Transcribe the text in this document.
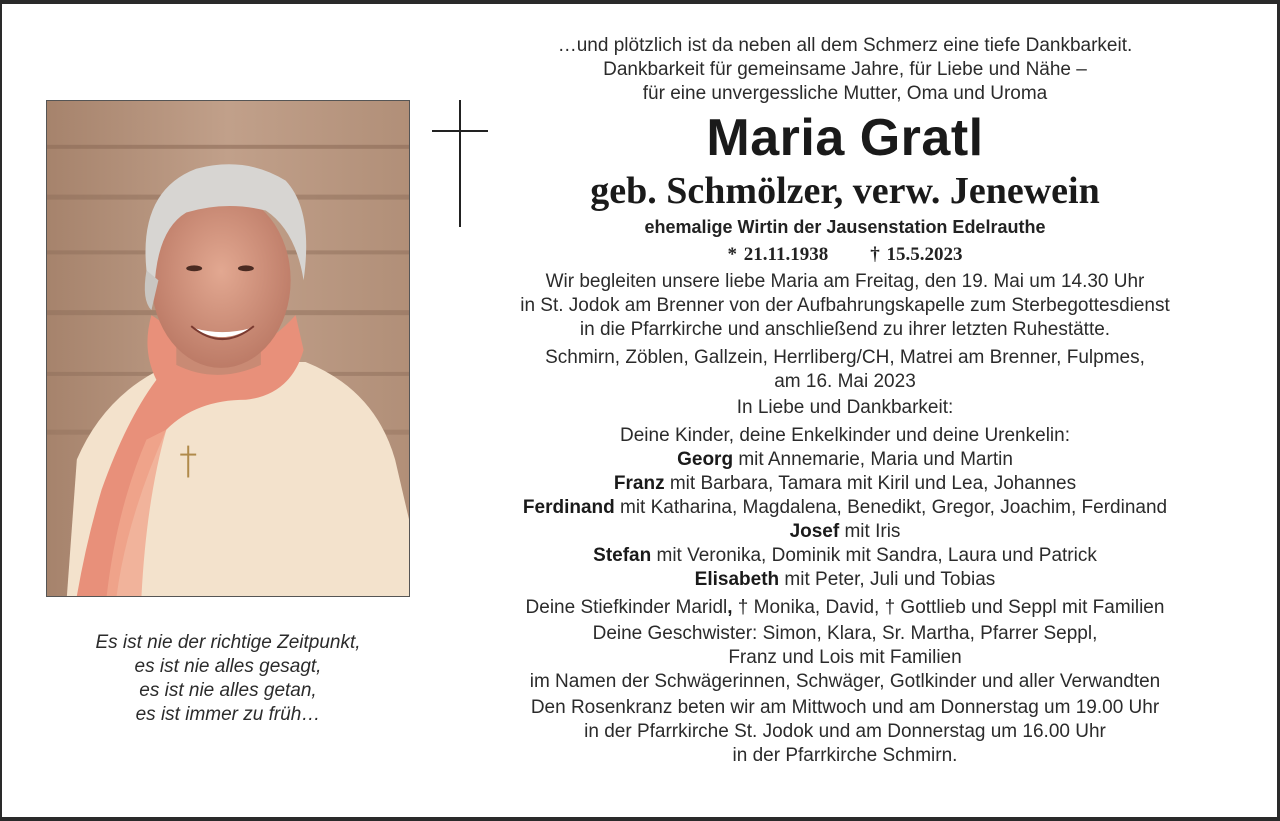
Es ist nie der richtige Zeitpunkt,
es ist nie alles gesagt,
es ist nie alles getan,
es ist immer zu früh…
…und plötzlich ist da neben all dem Schmerz eine tiefe Dankbarkeit.
Dankbarkeit für gemeinsame Jahre, für Liebe und Nähe –
für eine unvergessliche Mutter, Oma und Uroma
Maria Gratl
geb. Schmölzer, verw. Jenewein
ehemalige Wirtin der Jausenstation Edelrauthe
* 21.11.1938 † 15.5.2023
Wir begleiten unsere liebe Maria am Freitag, den 19. Mai um 14.30 Uhr
in St. Jodok am Brenner von der Aufbahrungskapelle zum Sterbegottesdienst
in die Pfarrkirche und anschließend zu ihrer letzten Ruhestätte.
Schmirn, Zöblen, Gallzein, Herrliberg/CH, Matrei am Brenner, Fulpmes,
am 16. Mai 2023
In Liebe und Dankbarkeit:
Deine Kinder, deine Enkelkinder und deine Urenkelin:
Georg mit Annemarie, Maria und Martin
Franz mit Barbara, Tamara mit Kiril und Lea, Johannes
Ferdinand mit Katharina, Magdalena, Benedikt, Gregor, Joachim, Ferdinand
Josef mit Iris
Stefan mit Veronika, Dominik mit Sandra, Laura und Patrick
Elisabeth mit Peter, Juli und Tobias
Deine Stiefkinder Maridl, † Monika, David, † Gottlieb und Seppl mit Familien
Deine Geschwister: Simon, Klara, Sr. Martha, Pfarrer Seppl,
Franz und Lois mit Familien
im Namen der Schwägerinnen, Schwäger, Gotlkinder und aller Verwandten
Den Rosenkranz beten wir am Mittwoch und am Donnerstag um 19.00 Uhr
in der Pfarrkirche St. Jodok und am Donnerstag um 16.00 Uhr
in der Pfarrkirche Schmirn.
